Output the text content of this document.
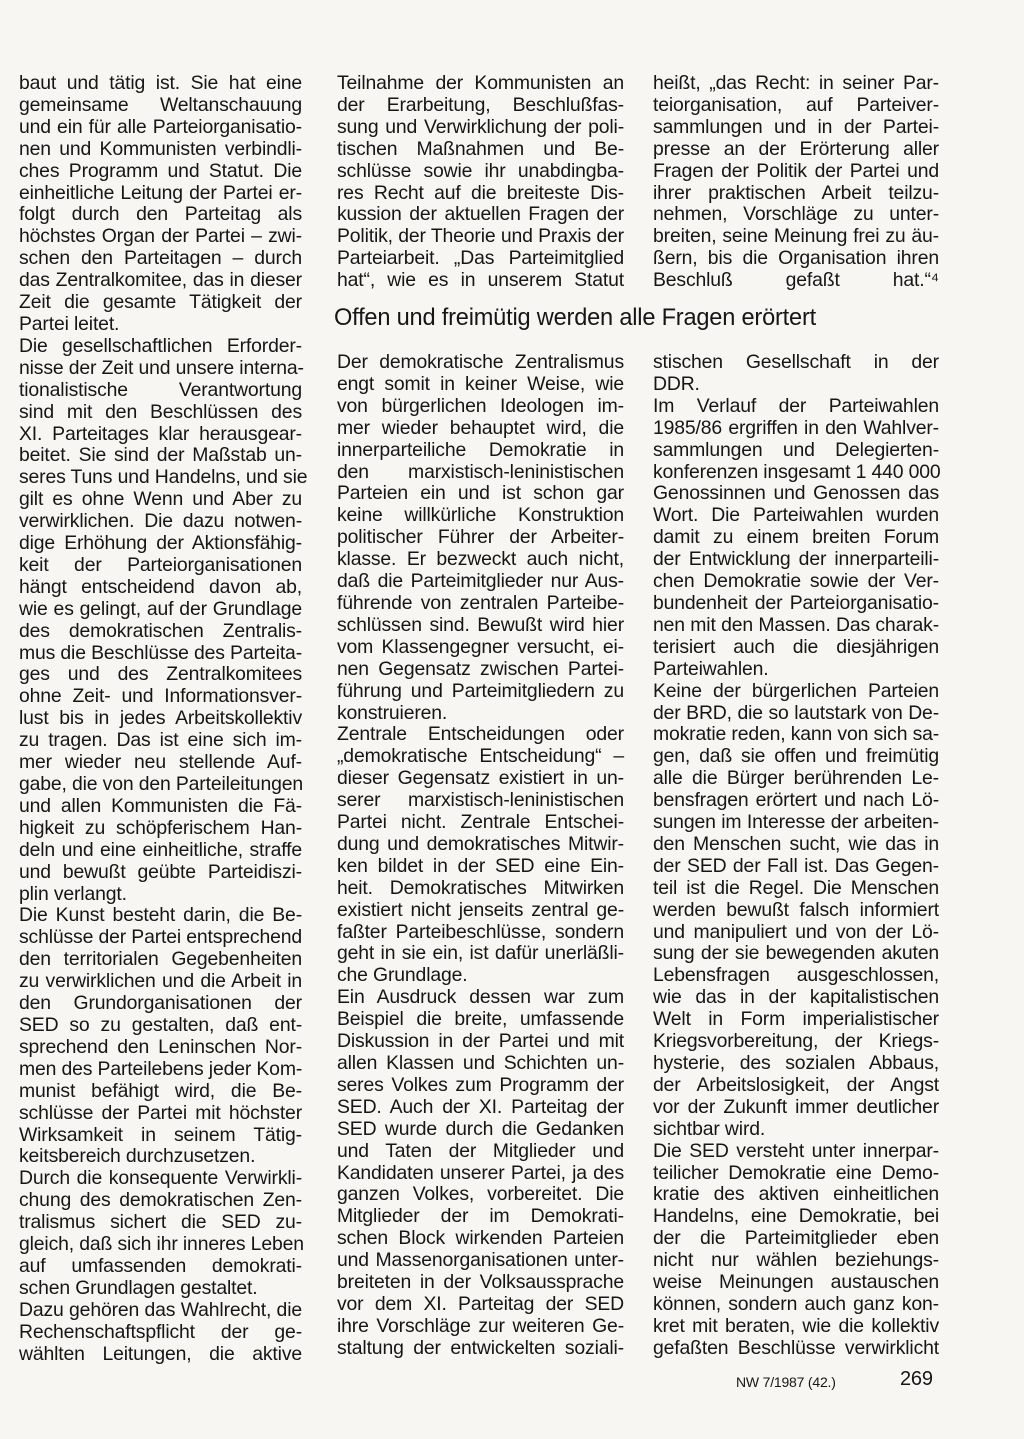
baut und tätig ist. Sie hat eine

gemeinsame Weltanschauung

und ein für alle Parteiorganisatio-

nen und Kommunisten verbindli-

ches Programm und Statut. Die

einheitliche Leitung der Partei er-

folgt durch den Parteitag als

höchstes Organ der Partei – zwi-

schen den Parteitagen – durch

das Zentralkomitee, das in dieser

Zeit die gesamte Tätigkeit der

Partei leitet.

Die gesellschaftlichen Erforder-

nisse der Zeit und unsere interna-

tionalistische Verantwortung

sind mit den Beschlüssen des

XI. Parteitages klar herausgear-

beitet. Sie sind der Maßstab un-

seres Tuns und Handelns, und sie

gilt es ohne Wenn und Aber zu

verwirklichen. Die dazu notwen-

dige Erhöhung der Aktionsfähig-

keit der Parteiorganisationen

hängt entscheidend davon ab,

wie es gelingt, auf der Grundlage

des demokratischen Zentralis-

mus die Beschlüsse des Parteita-

ges und des Zentralkomitees

ohne Zeit- und Informationsver-

lust bis in jedes Arbeitskollektiv

zu tragen. Das ist eine sich im-

mer wieder neu stellende Auf-

gabe, die von den Parteileitungen

und allen Kommunisten die Fä-

higkeit zu schöpferischem Han-

deln und eine einheitliche, straffe

und bewußt geübte Parteidiszi-

plin verlangt.

Die Kunst besteht darin, die Be-

schlüsse der Partei entsprechend

den territorialen Gegebenheiten

zu verwirklichen und die Arbeit in

den Grundorganisationen der

SED so zu gestalten, daß ent-

sprechend den Leninschen Nor-

men des Parteilebens jeder Kom-

munist befähigt wird, die Be-

schlüsse der Partei mit höchster

Wirksamkeit in seinem Tätig-

keitsbereich durchzusetzen.

Durch die konsequente Verwirkli-

chung des demokratischen Zen-

tralismus sichert die SED zu-

gleich, daß sich ihr inneres Leben

auf umfassenden demokrati-

schen Grundlagen gestaltet.

Dazu gehören das Wahlrecht, die

Rechenschaftspflicht der ge-

wählten Leitungen, die aktive

Teilnahme der Kommunisten an

der Erarbeitung, Beschlußfas-

sung und Verwirklichung der poli-

tischen Maßnahmen und Be-

schlüsse sowie ihr unabdingba-

res Recht auf die breiteste Dis-

kussion der aktuellen Fragen der

Politik, der Theorie und Praxis der

Parteiarbeit. „Das Parteimitglied

hat“, wie es in unserem Statut

heißt, „das Recht: in seiner Par-

teiorganisation, auf Parteiver-

sammlungen und in der Partei-

presse an der Erörterung aller

Fragen der Politik der Partei und

ihrer praktischen Arbeit teilzu-

nehmen, Vorschläge zu unter-

breiten, seine Meinung frei zu äu-

ßern, bis die Organisation ihren

Beschluß gefaßt hat.“⁴

Offen und freimütig werden alle Fragen erörtert

Der demokratische Zentralismus

engt somit in keiner Weise, wie

von bürgerlichen Ideologen im-

mer wieder behauptet wird, die

innerparteiliche Demokratie in

den marxistisch-leninistischen

Parteien ein und ist schon gar

keine willkürliche Konstruktion

politischer Führer der Arbeiter-

klasse. Er bezweckt auch nicht,

daß die Parteimitglieder nur Aus-

führende von zentralen Parteibe-

schlüssen sind. Bewußt wird hier

vom Klassengegner versucht, ei-

nen Gegensatz zwischen Partei-

führung und Parteimitgliedern zu

konstruieren.

Zentrale Entscheidungen oder

„demokratische Entscheidung“ –

dieser Gegensatz existiert in un-

serer marxistisch-leninistischen

Partei nicht. Zentrale Entschei-

dung und demokratisches Mitwir-

ken bildet in der SED eine Ein-

heit. Demokratisches Mitwirken

existiert nicht jenseits zentral ge-

faßter Parteibeschlüsse, sondern

geht in sie ein, ist dafür unerläßli-

che Grundlage.

Ein Ausdruck dessen war zum

Beispiel die breite, umfassende

Diskussion in der Partei und mit

allen Klassen und Schichten un-

seres Volkes zum Programm der

SED. Auch der XI. Parteitag der

SED wurde durch die Gedanken

und Taten der Mitglieder und

Kandidaten unserer Partei, ja des

ganzen Volkes, vorbereitet. Die

Mitglieder der im Demokrati-

schen Block wirkenden Parteien

und Massenorganisationen unter-

breiteten in der Volksaussprache

vor dem XI. Parteitag der SED

ihre Vorschläge zur weiteren Ge-

staltung der entwickelten soziali-

stischen Gesellschaft in der

DDR.

Im Verlauf der Parteiwahlen

1985/86 ergriffen in den Wahlver-

sammlungen und Delegierten-

konferenzen insgesamt 1 440 000

Genossinnen und Genossen das

Wort. Die Parteiwahlen wurden

damit zu einem breiten Forum

der Entwicklung der innerparteili-

chen Demokratie sowie der Ver-

bundenheit der Parteiorganisatio-

nen mit den Massen. Das charak-

terisiert auch die diesjährigen

Parteiwahlen.

Keine der bürgerlichen Parteien

der BRD, die so lautstark von De-

mokratie reden, kann von sich sa-

gen, daß sie offen und freimütig

alle die Bürger berührenden Le-

bensfragen erörtert und nach Lö-

sungen im Interesse der arbeiten-

den Menschen sucht, wie das in

der SED der Fall ist. Das Gegen-

teil ist die Regel. Die Menschen

werden bewußt falsch informiert

und manipuliert und von der Lö-

sung der sie bewegenden akuten

Lebensfragen ausgeschlossen,

wie das in der kapitalistischen

Welt in Form imperialistischer

Kriegsvorbereitung, der Kriegs-

hysterie, des sozialen Abbaus,

der Arbeitslosigkeit, der Angst

vor der Zukunft immer deutlicher

sichtbar wird.

Die SED versteht unter innerpar-

teilicher Demokratie eine Demo-

kratie des aktiven einheitlichen

Handelns, eine Demokratie, bei

der die Parteimitglieder eben

nicht nur wählen beziehungs-

weise Meinungen austauschen

können, sondern auch ganz kon-

kret mit beraten, wie die kollektiv

gefaßten Beschlüsse verwirklicht

NW 7/1987 (42.)	269
